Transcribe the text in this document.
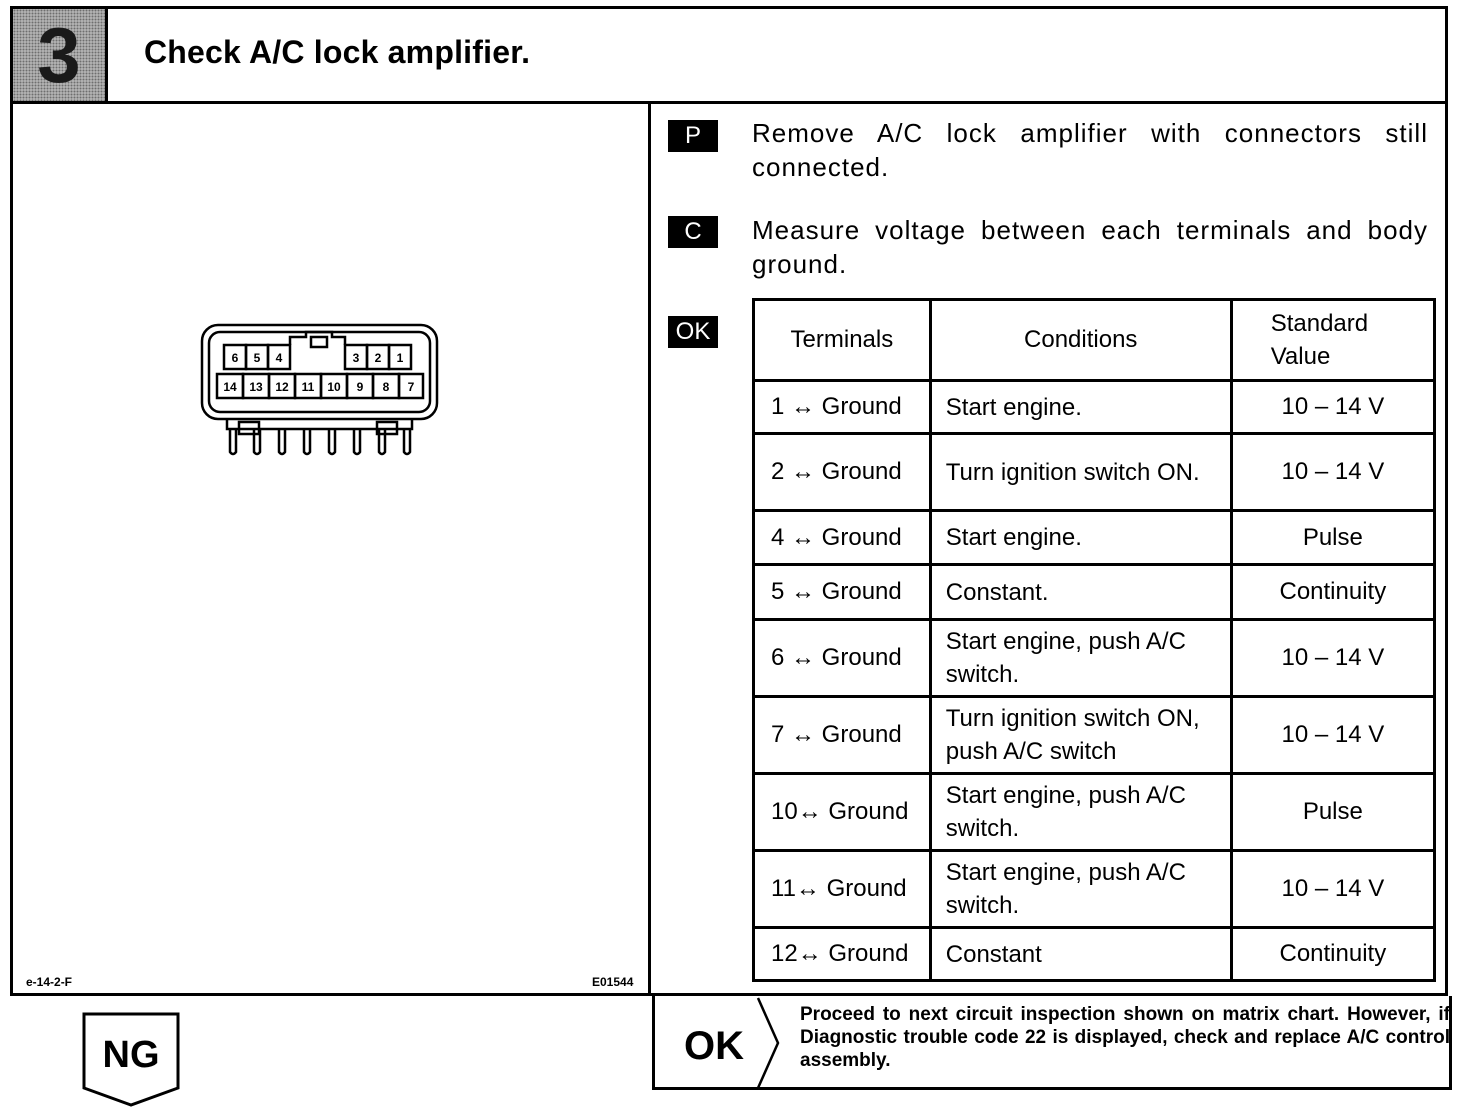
3	Check A/C lock amplifier.
6 5 4	3 2 1
14 13 12 11 10 9 8 7
e-14-2-F	E01544
P	Remove A/C lock amplifier with connectors still connected.
C	Measure voltage between each terminals and body ground.
OK	Terminals	Conditions	Standard
Value
1 ↔ Ground	Start engine.	10 – 14 V
2 ↔ Ground	Turn ignition switch ON.	10 – 14 V
4 ↔ Ground	Start engine.	Pulse
5 ↔ Ground	Constant.	Continuity
6 ↔ Ground	Start engine, push A/C switch.	10 – 14 V
7 ↔ Ground	Turn ignition switch ON, push A/C switch	10 – 14 V
10↔ Ground	Start engine, push A/C switch.	Pulse
11↔ Ground	Start engine, push A/C switch.	10 – 14 V
12↔ Ground	Constant	Continuity
NG	OK
Proceed to next circuit inspection shown on matrix chart. However, if Diagnostic trouble code 22 is displayed, check and replace A/C control assembly.
